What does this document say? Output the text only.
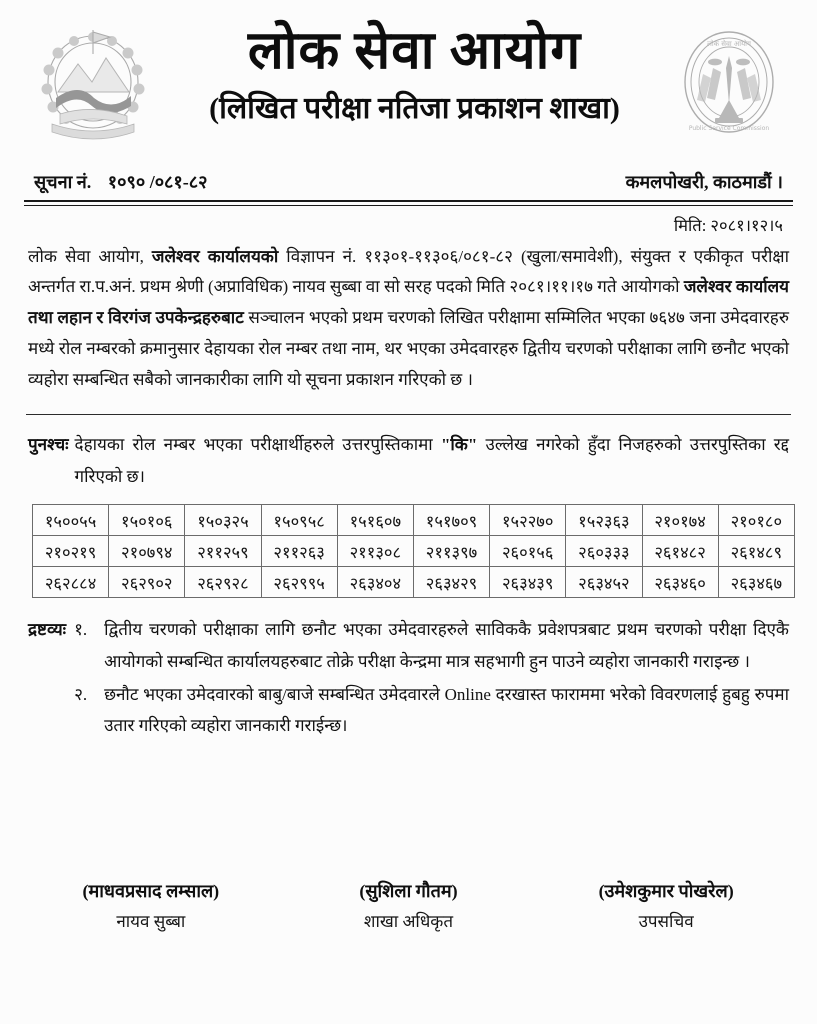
लोक सेवा आयोग
(लिखित परीक्षा नतिजा प्रकाशन शाखा)
लोक सेवा आयोग
Public Service Commission
सूचना नं. १०९० /०८१-८२	कमलपोखरी, काठमाडौं ।
मिति: २०८१।१२।५
लोक सेवा आयोग, जलेश्वर कार्यालयको विज्ञापन नं. ११३०१-११३०६/०८१-८२ (खुला/समावेशी), संयुक्त र एकीकृत परीक्षा अन्तर्गत रा.प.अनं. प्रथम श्रेणी (अप्राविधिक) नायव सुब्बा वा सो सरह पदको मिति २०८१।११।१७ गते आयोगको जलेश्वर कार्यालय तथा लहान र विरगंज उपकेन्द्रहरुबाट सञ्चालन भएको प्रथम चरणको लिखित परीक्षामा सम्मिलित भएका ७६४७ जना उमेदवारहरु मध्ये रोल नम्बरको क्रमानुसार देहायका रोल नम्बर तथा नाम, थर भएका उमेदवारहरु द्वितीय चरणको परीक्षाका लागि छनौट भएको व्यहोरा सम्बन्धित सबैको जानकारीका लागि यो सूचना प्रकाशन गरिएको छ ।
पुनश्चः देहायका रोल नम्बर भएका परीक्षार्थीहरुले उत्तरपुस्तिकामा "कि" उल्लेख नगरेको हुँदा निजहरुको उत्तरपुस्तिका रद्द गरिएको छ।
१५००५५	१५०१०६	१५०३२५	१५०९५८	१५१६०७	१५१७०९	१५२२७०	१५२३६३	२१०१७४	२१०१८०
२१०२१९	२१०७९४	२११२५९	२११२६३	२११३०८	२११३९७	२६०१५६	२६०३३३	२६१४८२	२६१४८९
२६२८८४	२६२९०२	२६२९२८	२६२९९५	२६३४०४	२६३४२९	२६३४३९	२६३४५२	२६३४६०	२६३४६७
द्रष्टव्यः १. द्वितीय चरणको परीक्षाका लागि छनौट भएका उमेदवारहरुले साविककै प्रवेशपत्रबाट प्रथम चरणको परीक्षा दिएकै आयोगको सम्बन्धित कार्यालयहरुबाट तोक्रे परीक्षा केन्द्रमा मात्र सहभागी हुन पाउने व्यहोरा जानकारी गराइन्छ ।
२. छनौट भएका उमेदवारको बाबु/बाजे सम्बन्धित उमेदवारले Online दरखास्त फाराममा भरेको विवरणलाई हुबहु रुपमा उतार गरिएको व्यहोरा जानकारी गराईन्छ।
(माधवप्रसाद लम्साल)
नायव सुब्बा
(सुशिला गौतम)
शाखा अधिकृत
(उमेशकुमार पोखरेल)
उपसचिव
